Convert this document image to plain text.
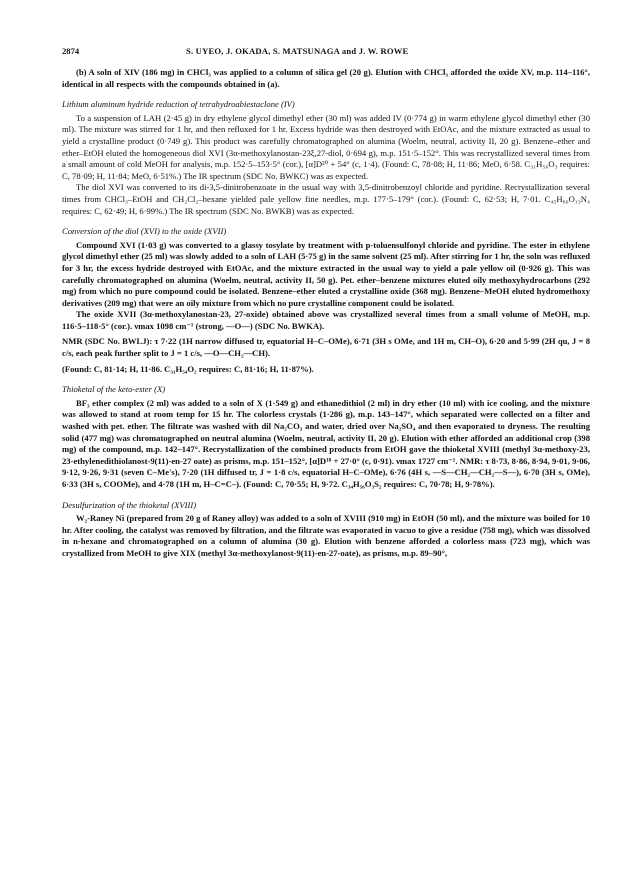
2874	S. UYEO, J. OKADA, S. MATSUNAGA and J. W. ROWE

(b) A soln of XIV (186 mg) in CHCl₃ was applied to a column of silica gel (20 g). Elution with CHCl₃ afforded the oxide XV, m.p. 114–116°, identical in all respects with the compounds obtained in (a).

Lithium aluminum hydride reduction of tetrahydroabiestaclone (IV)

To a suspension of LAH (2·45 g) in dry ethylene glycol dimethyl ether (30 ml) was added IV (0·774 g) in warm ethylene glycol dimethyl ether (30 ml). The mixture was stirred for 1 hr, and then refluxed for 1 hr. Excess hydride was then destroyed with EtOAc, and the mixture extracted as usual to yield a crystalline product (0·749 g). This product was carefully chromatographed on alumina (Woelm, neutral, activity II, 20 g). Benzene–ether and ether–EtOH eluted the homogeneous diol XVI (3α-methoxylanostan-23ξ,27-diol, 0·694 g), m.p. 151·5–152°. This was recrystallized several times from a small amount of cold MeOH for analysis, m.p. 152·5–153·5° (cor.), [α]D²⁰ + 54° (c, 1·4). (Found: C, 78·08; H, 11·86; MeO, 6·58. C₃₁H₅₆O₃ requires: C, 78·09; H, 11·84; MeO, 6·51%.) The IR spectrum (SDC No. BWKC) was as expected.

The diol XVI was converted to its di-3,5-dinitrobenzoate in the usual way with 3,5-dinitrobenzoyl chloride and pyridine. Recrystallization several times from CHCl₃–EtOH and CH₂Cl₂–hexane yielded pale yellow fine needles, m.p. 177·5–179° (cor.). (Found: C, 62·53; H, 7·01. C₄₅H₆₀O₁₃N₄ requires: C, 62·49; H, 6·99%.) The IR spectrum (SDC No. BWKB) was as expected.

Conversion of the diol (XVI) to the oxide (XVII)

Compound XVI (1·03 g) was converted to a glassy tosylate by treatment with p-toluensulfonyl chloride and pyridine. The ester in ethylene glycol dimethyl ether (25 ml) was slowly added to a soln of LAH (5·75 g) in the same solvent (25 ml). After stirring for 1 hr, the soln was refluxed for 3 hr, the excess hydride destroyed with EtOAc, and the mixture extracted in the usual way to yield a pale yellow oil (0·926 g). This was carefully chromatographed on alumina (Woelm, neutral, activity II, 50 g). Pet. ether–benzene mixtures eluted oily methoxyhydrocarbons (292 mg) from which no pure compound could be isolated. Benzene–ether eluted a crystalline oxide (368 mg). Benzene–MeOH eluted hydromethoxy derivatives (209 mg) that were an oily mixture from which no pure crystalline component could be isolated.

The oxide XVII (3α-methoxylanostan-23, 27-oxide) obtained above was crystallized several times from a small volume of MeOH, m.p. 116·5–118·5° (cor.). νmax 1098 cm⁻¹ (strong, —O—) (SDC No. BWKA).

NMR (SDC No. BWLJ): τ 7·22 (1H narrow diffused tr, equatorial H–C–OMe), 6·71 (3H s OMe, and 1H m, CH–O), 6·20 and 5·99 (2H qu, J = 8 c/s, each peak further split to J = 1 c/s, —O—CH₂—CH).

(Found: C, 81·14; H, 11·86. C₃₁H₅₄O₂ requires: C, 81·16; H, 11·87%).

Thioketal of the keto-ester (X)

BF₃ ether complex (2 ml) was added to a soln of X (1·549 g) and ethanedithiol (2 ml) in dry ether (10 ml) with ice cooling, and the mixture was allowed to stand at room temp for 15 hr. The colorless crystals (1·286 g), m.p. 143–147°, which separated were collected on a filter and washed with pet. ether. The filtrate was washed with dil Na₂CO₃ and water, dried over Na₂SO₄ and then evaporated to dryness. The resulting solid (477 mg) was chromatographed on neutral alumina (Woelm, neutral, activity II, 20 g). Elution with ether afforded an additional crop (398 mg) of the compound, m.p. 142–147°. Recrystallization of the combined products from EtOH gave the thioketal XVIII (methyl 3α-methoxy-23, 23-ethylenedithiolanost-9(11)-en-27 oate) as prisms, m.p. 151–152°, [α]D¹⁸ + 27·0° (c, 0·91). νmax 1727 cm⁻¹. NMR: τ 8·73, 8·86, 8·94, 9·01, 9·06, 9·12, 9·26, 9·31 (seven C–Me's), 7·20 (1H diffused tr, J = 1·8 c/s, equatorial H–C–OMe), 6·76 (4H s, —S—CH₂—CH₂—S—), 6·70 (3H s, OMe), 6·33 (3H s, COOMe), and 4·78 (1H m, H–C=C–). (Found: C, 70·55; H, 9·72. C₃₄H₅₆O₃S₂ requires: C, 70·78; H, 9·78%).

Desulfurization of the thioketal (XVIII)

W₂-Raney Ni (prepared from 20 g of Raney alloy) was added to a soln of XVIII (910 mg) in EtOH (50 ml), and the mixture was boiled for 10 hr. After cooling, the catalyst was removed by filtration, and the filtrate was evaporated in vacuo to give a residue (758 mg), which was dissolved in n-hexane and chromatographed on a column of alumina (30 g). Elution with benzene afforded a colorless mass (723 mg), which was crystallized from MeOH to give XIX (methyl 3α-methoxylanost-9(11)-en-27-oate), as prisms, m.p. 89–90°,
